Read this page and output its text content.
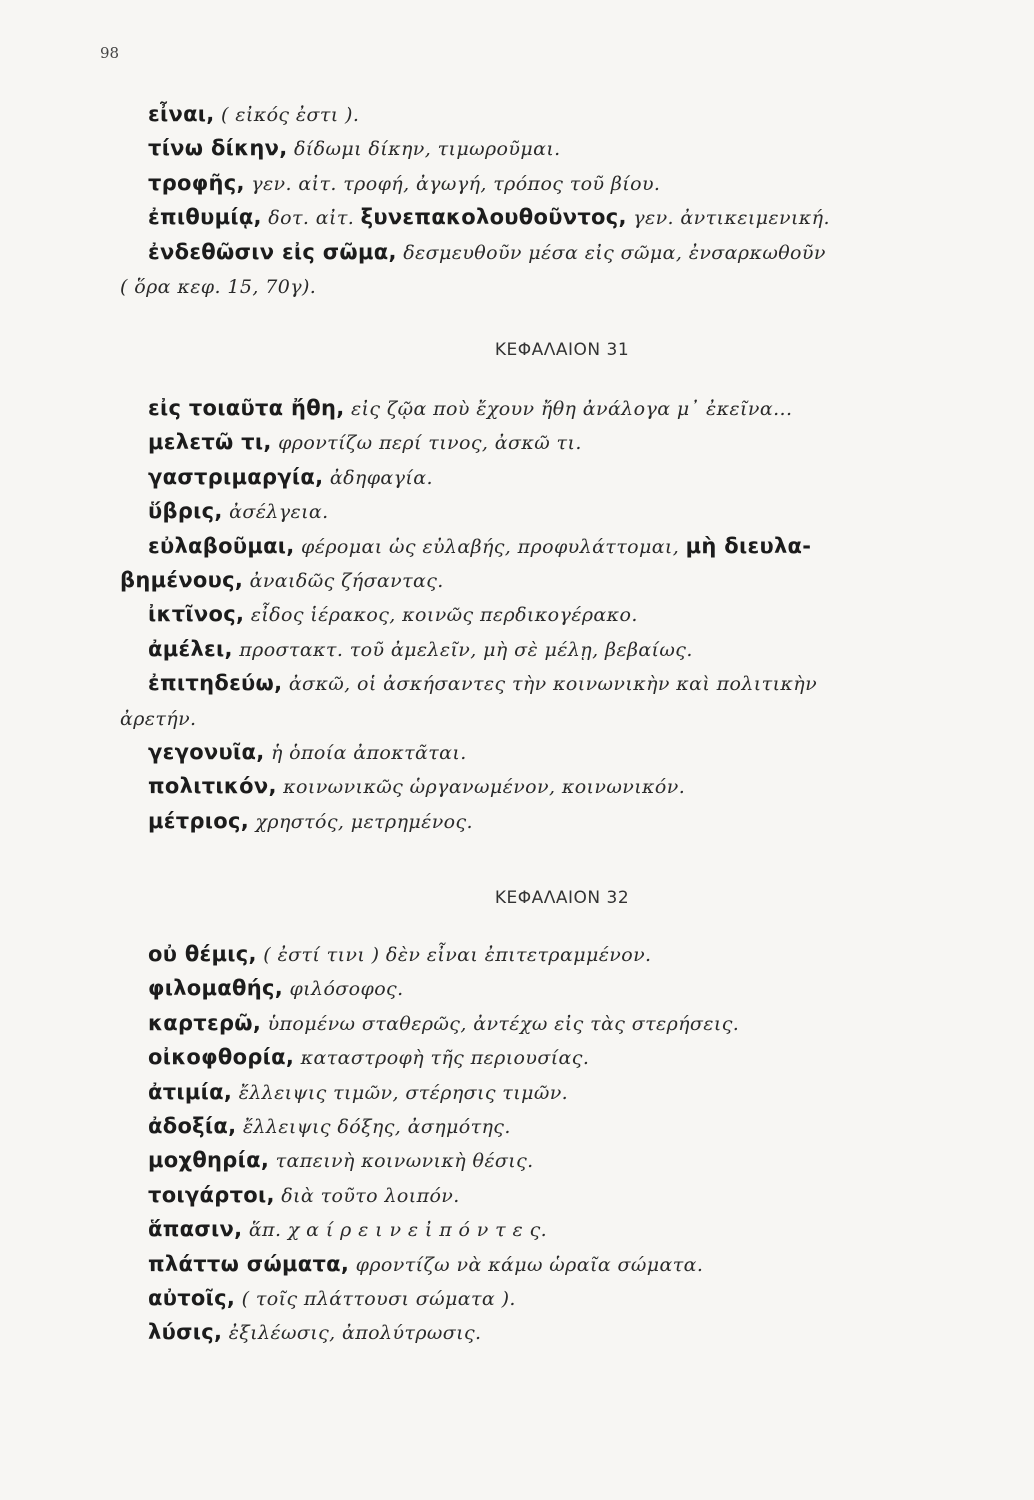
98
εἶναι, ( εἰκός ἐστι ).
τίνω δίκην, δίδωμι δίκην, τιμωροῦμαι.
τροφῆς, γεν. αἰτ. τροφή, ἀγωγή, τρόπος τοῦ βίου.
ἐπιθυμίᾳ, δοτ. αἰτ. ξυνεπακολουθοῦντος, γεν. ἀντικειμενική.
ἐνδεθῶσιν εἰς σῶμα, δεσμευθοῦν μέσα εἰς σῶμα, ἐνσαρκωθοῦν
( ὅρα κεφ. 15, 70γ).
ΚΕΦΑΛΑΙΟΝ 31
εἰς τοιαῦτα ἤθη, εἰς ζῷα ποὺ ἔχουν ἤθη ἀνάλογα μ᾿ ἐκεῖνα...
μελετῶ τι, φροντίζω περί τινος, ἀσκῶ τι.
γαστριμαργία, ἀδηφαγία.
ὕβρις, ἀσέλγεια.
εὐλαβοῦμαι, φέρομαι ὡς εὐλαβής, προφυλάττομαι, μὴ διευλα-
βημένους, ἀναιδῶς ζήσαντας.
ἰκτῖνος, εἶδος ἱέρακος, κοινῶς περδικογέρακο.
ἀμέλει, προστακτ. τοῦ ἀμελεῖν, μὴ σὲ μέλῃ, βεβαίως.
ἐπιτηδεύω, ἀσκῶ, οἱ ἀσκήσαντες τὴν κοινωνικὴν καὶ πολιτικὴν
ἀρετήν.
γεγονυῖα, ἡ ὁποία ἀποκτᾶται.
πολιτικόν, κοινωνικῶς ὡργανωμένον, κοινωνικόν.
μέτριος, χρηστός, μετρημένος.
ΚΕΦΑΛΑΙΟΝ 32
οὐ θέμις, ( ἐστί τινι ) δὲν εἶναι ἐπιτετραμμένον.
φιλομαθής, φιλόσοφος.
καρτερῶ, ὑπομένω σταθερῶς, ἀντέχω εἰς τὰς στερήσεις.
οἰκοφθορία, καταστροφὴ τῆς περιουσίας.
ἀτιμία, ἔλλειψις τιμῶν, στέρησις τιμῶν.
ἀδοξία, ἔλλειψις δόξης, ἀσημότης.
μοχθηρία, ταπεινὴ κοινωνικὴ θέσις.
τοιγάρτοι, διὰ τοῦτο λοιπόν.
ἅπασιν, ἅπ. χ α ί ρ ε ι ν ε ἰ π ό ν τ ε ς.
πλάττω σώματα, φροντίζω νὰ κάμω ὡραῖα σώματα.
αὐτοῖς, ( τοῖς πλάττουσι σώματα ).
λύσις, ἐξιλέωσις, ἀπολύτρωσις.
